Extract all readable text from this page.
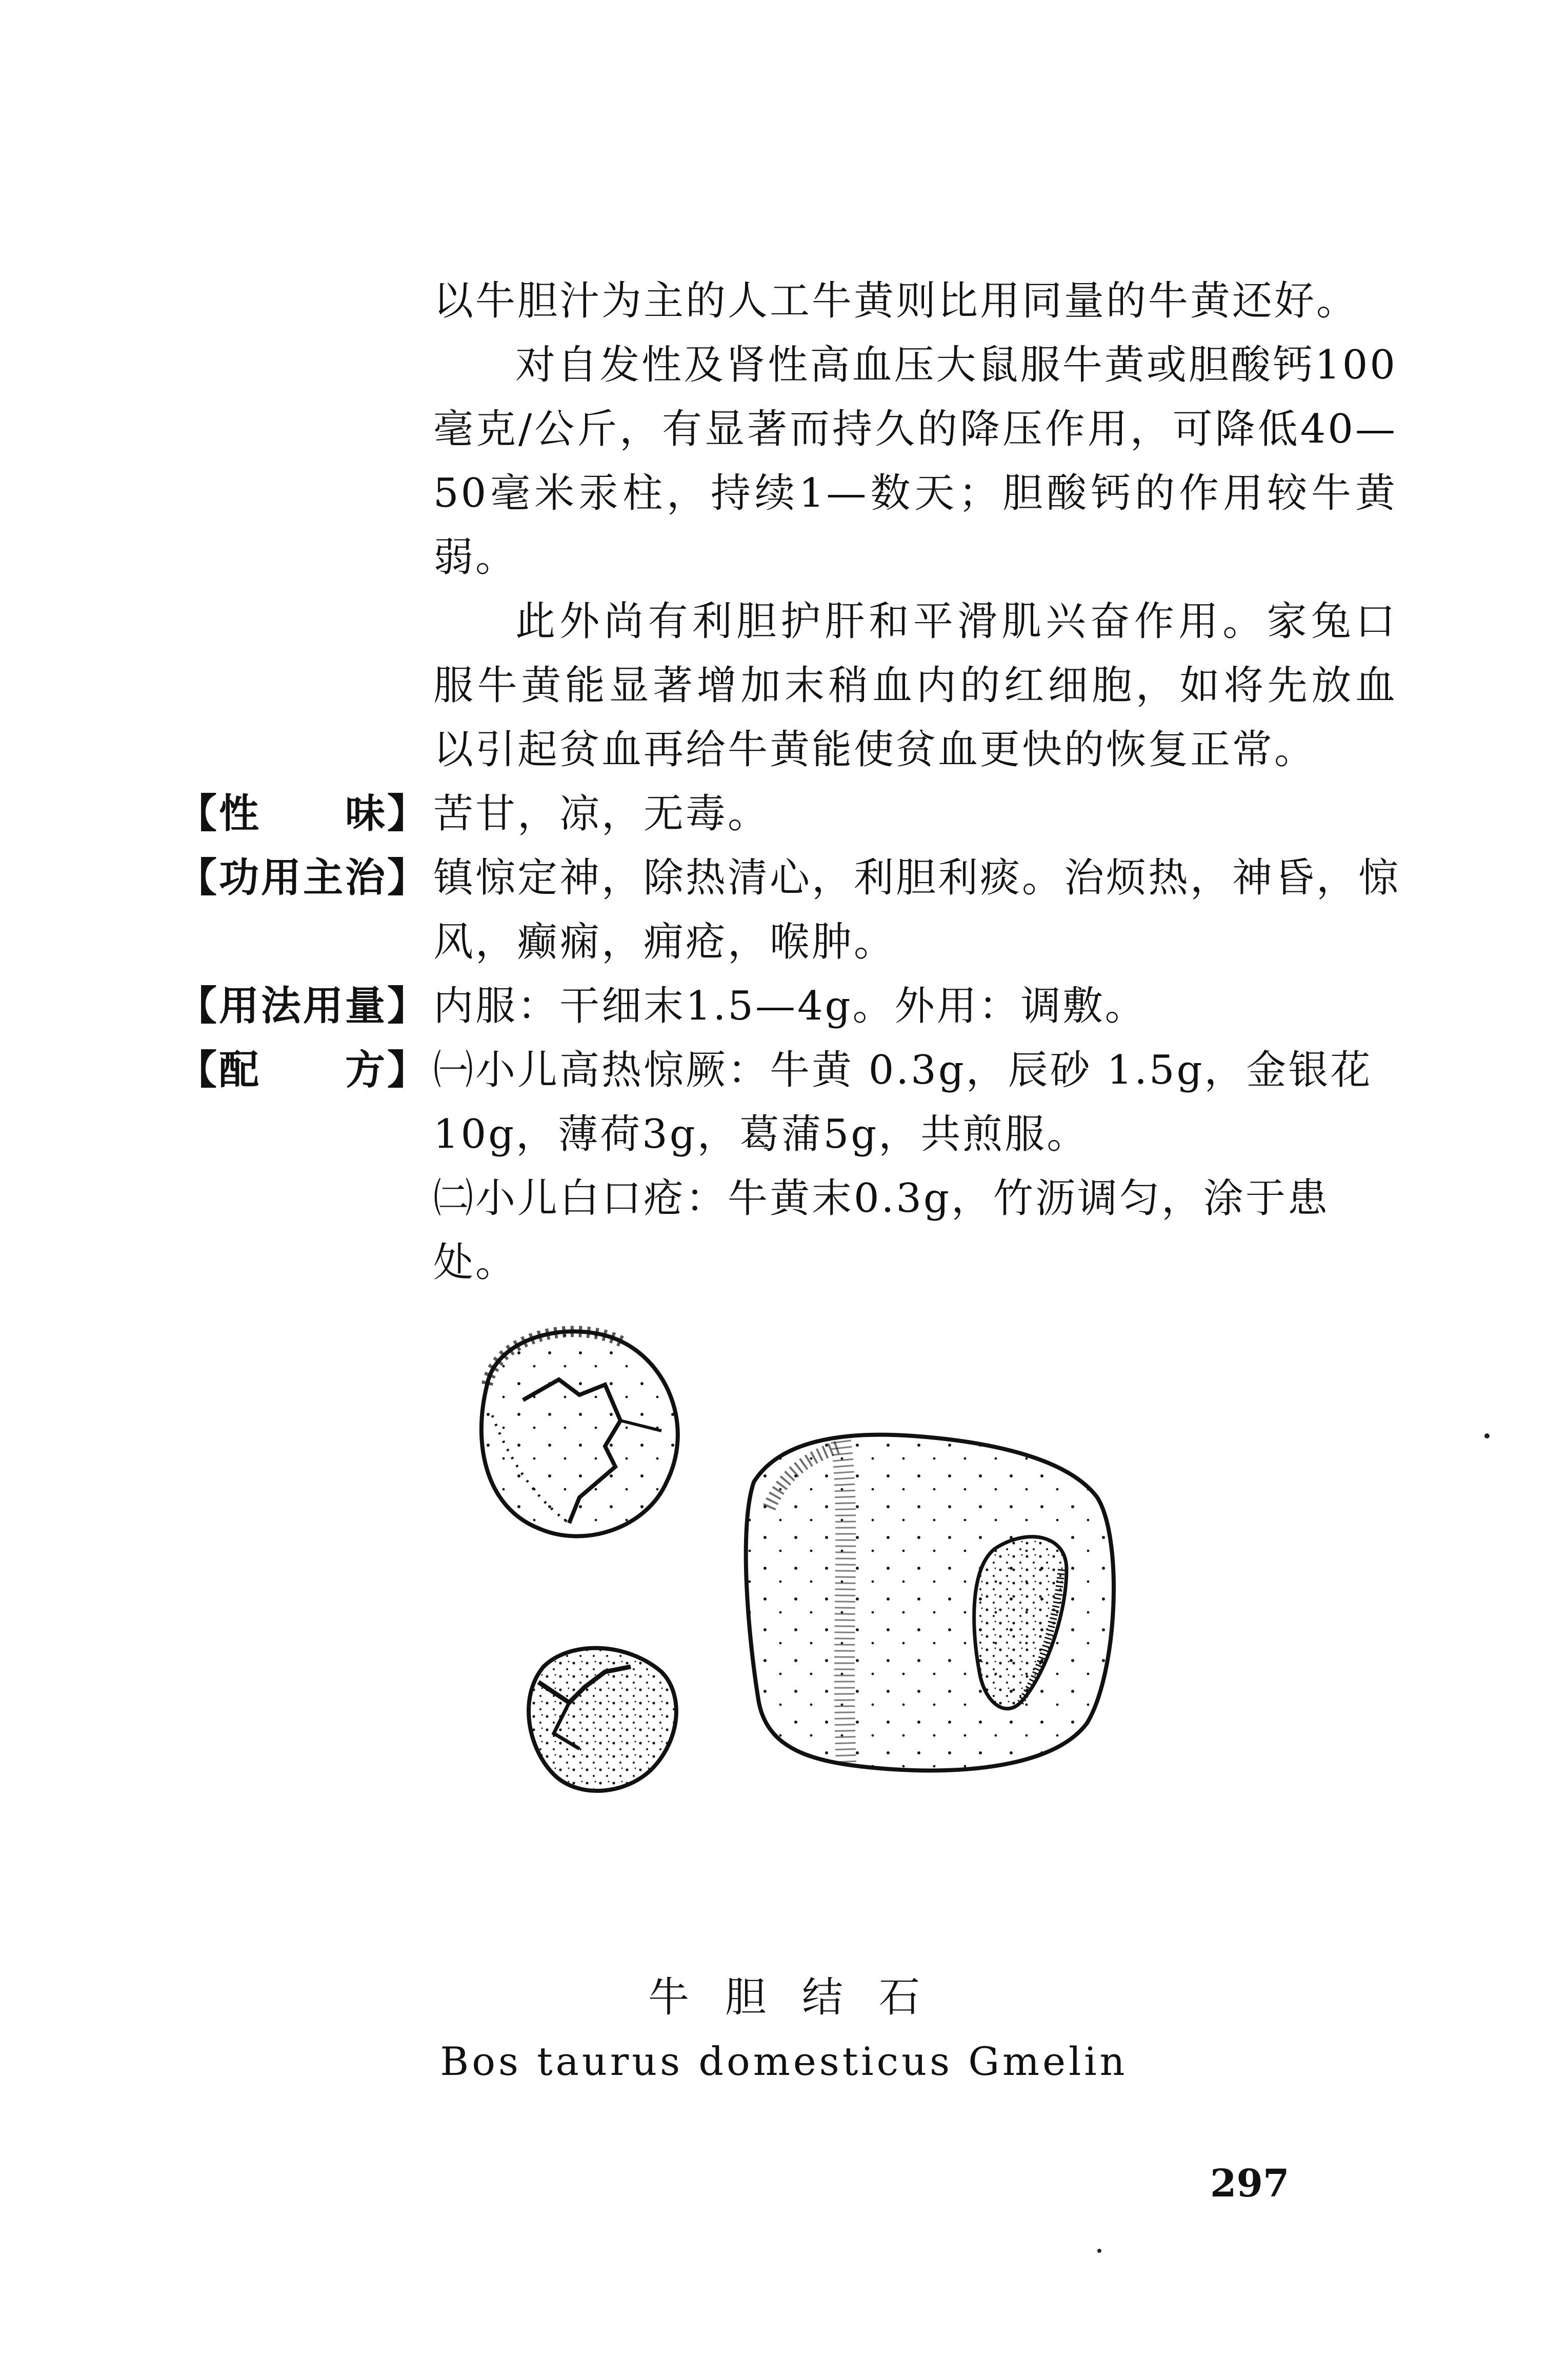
以牛胆汁为主的人工牛黄则比用同量的牛黄还好。

对自发性及肾性高血压大鼠服牛黄或胆酸钙100毫克/公斤，有显著而持久的降压作用，可降低40—50毫米汞柱，持续1—数天；胆酸钙的作用较牛黄弱。

此外尚有利胆护肝和平滑肌兴奋作用。家兔口服牛黄能显著增加末稍血内的红细胞，如将先放血以引起贫血再给牛黄能使贫血更快的恢复正常。

【性　　味】 苦甘，凉，无毒。

【功用主治】 镇惊定神，除热清心，利胆利痰。治烦热，神昏，惊风，癫痫，痈疮，喉肿。

【用法用量】 内服：干细末1.5—4g。外用：调敷。

【配　　方】 ㈠小儿高热惊厥：牛黄 0.3g，辰砂 1.5g，金银花10g，薄荷3g，葛蒲5g，共煎服。

㈡小儿白口疮：牛黄末0.3g，竹沥调匀，涂于患处。

牛胆结石
Bos taurus domesticus Gmelin
297
